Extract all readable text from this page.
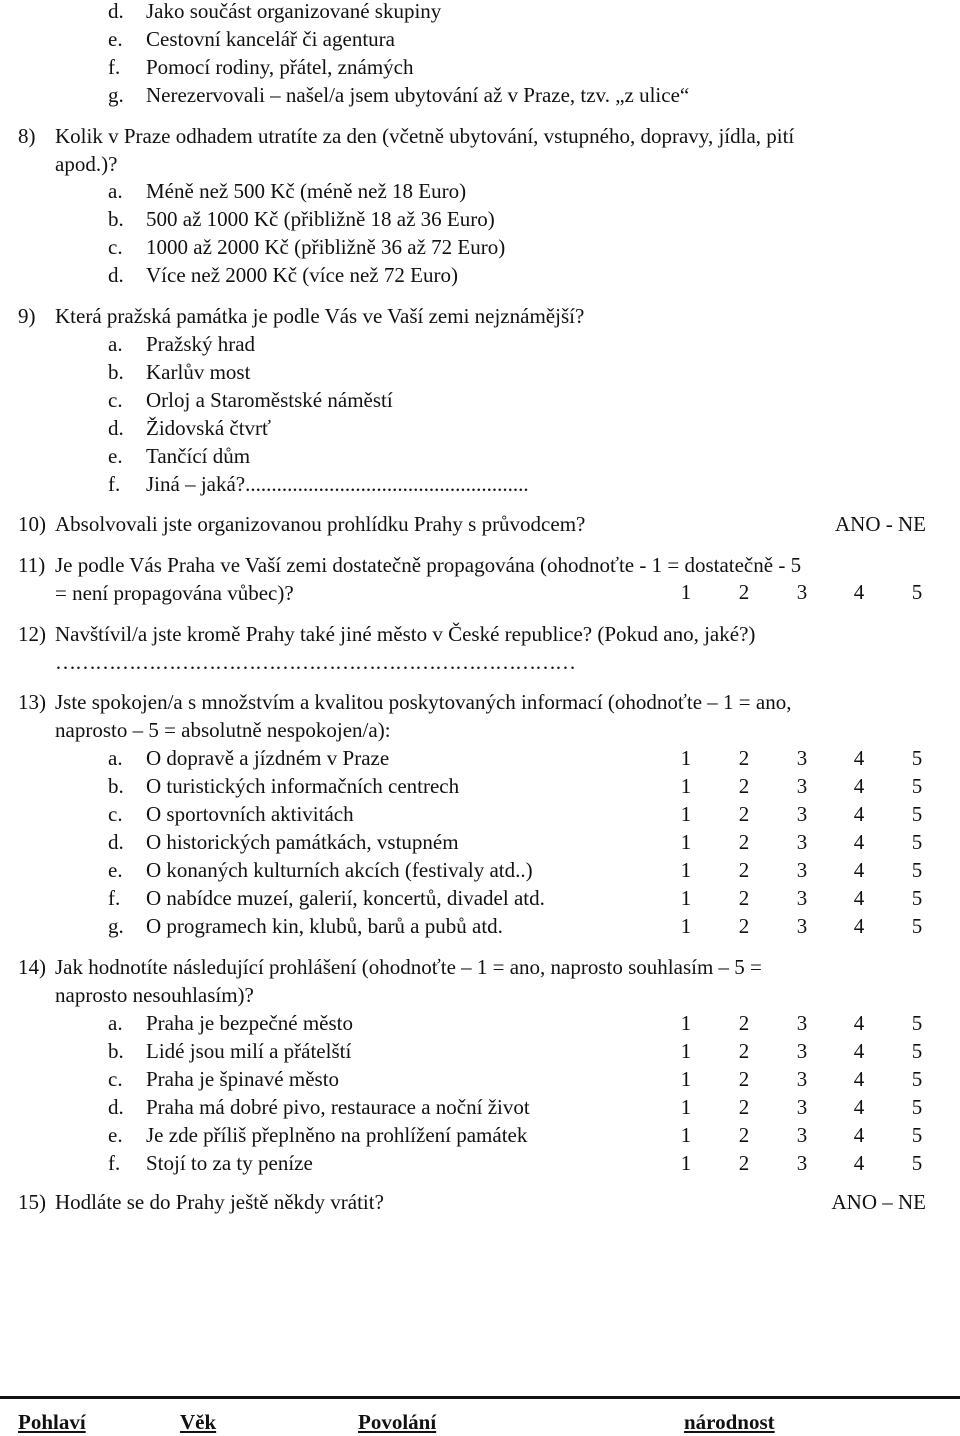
d.	Jako součást organizované skupiny
e.	Cestovní kancelář či agentura
f.	Pomocí rodiny, přátel, známých
g.	Nerezervovali – našel/a jsem ubytování až v Praze, tzv. „z ulice“
8) Kolik v Praze odhadem utratíte za den (včetně ubytování, vstupného, dopravy, jídla, pití
apod.)?
a.	Méně než 500 Kč (méně než 18 Euro)
b.	500 až 1000 Kč (přibližně 18 až 36 Euro)
c.	1000 až 2000 Kč (přibližně 36 až 72 Euro)
d.	Více než 2000 Kč (více než 72 Euro)
9) Která pražská památka je podle Vás ve Vaší zemi nejznámější?
a.	Pražský hrad
b.	Karlův most
c.	Orloj a Staroměstské náměstí
d.	Židovská čtvrť
e.	Tančící dům
f.	Jiná – jaká?......................................................
10) Absolvovali jste organizovanou prohlídku Prahy s průvodcem?	ANO - NE
11) Je podle Vás Praha ve Vaší zemi dostatečně propagována (ohodnoťte - 1 = dostatečně - 5
= není propagována vůbec)?	1 2 3 4 5
12) Navštívil/a jste kromě Prahy také jiné město v České republice? (Pokud ano, jaké?)
……………………………………………………………………
13) Jste spokojen/a s množstvím a kvalitou poskytovaných informací (ohodnoťte – 1 = ano,
naprosto – 5 = absolutně nespokojen/a):
a.	O dopravě a jízdném v Praze	1 2 3 4 5
b.	O turistických informačních centrech	1 2 3 4 5
c.	O sportovních aktivitách	1 2 3 4 5
d.	O historických památkách, vstupném	1 2 3 4 5
e.	O konaných kulturních akcích (festivaly atd..)	1 2 3 4 5
f.	O nabídce muzeí, galerií, koncertů, divadel atd.	1 2 3 4 5
g.	O programech kin, klubů, barů a pubů atd.	1 2 3 4 5
14) Jak hodnotíte následující prohlášení (ohodnoťte – 1 = ano, naprosto souhlasím – 5 =
naprosto nesouhlasím)?
a.	Praha je bezpečné město	1 2 3 4 5
b.	Lidé jsou milí a přátelští	1 2 3 4 5
c.	Praha je špinavé město	1 2 3 4 5
d.	Praha má dobré pivo, restaurace a noční život	1 2 3 4 5
e.	Je zde příliš přeplněno na prohlížení památek	1 2 3 4 5
f.	Stojí to za ty peníze	1 2 3 4 5
15) Hodláte se do Prahy ještě někdy vrátit?	ANO – NE
Pohlaví	Věk	Povolání	národnost
